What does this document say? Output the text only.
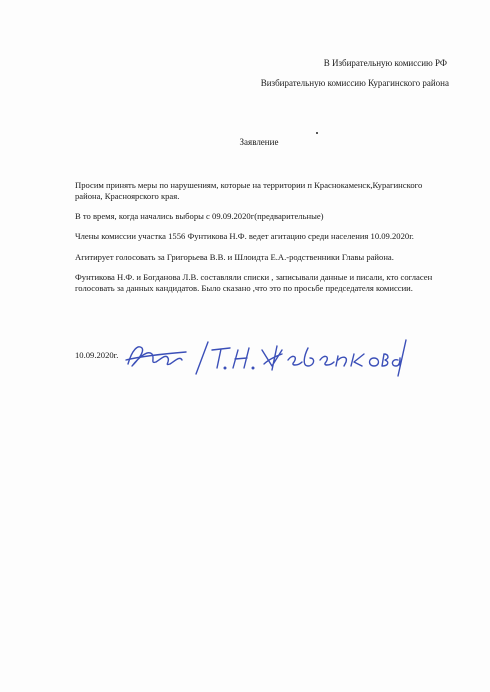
В Избирательную комиссию РФ
Визбирательную комиссию Курагинского района
Заявление
Просим принять меры по нарушениям, которые на территории п Краснокаменск,Курагинского района, Красноярского края.
В то время, когда начались выборы с 09.09.2020г(предварительные)
Члены комиссии участка 1556 Фунтикова Н.Ф. ведет агитацию среди населения 10.09.2020г.
Агитирует голосовать за Григорьева В.В. и Шлоидта Е.А.-родственники Главы района.
Фунтикова Н.Ф. и Богданова Л.В. составляли списки , записывали данные и писали, кто согласен голосовать за данных кандидатов. Было сказано ,что это по просьбе председателя комиссии.
10.09.2020г.
